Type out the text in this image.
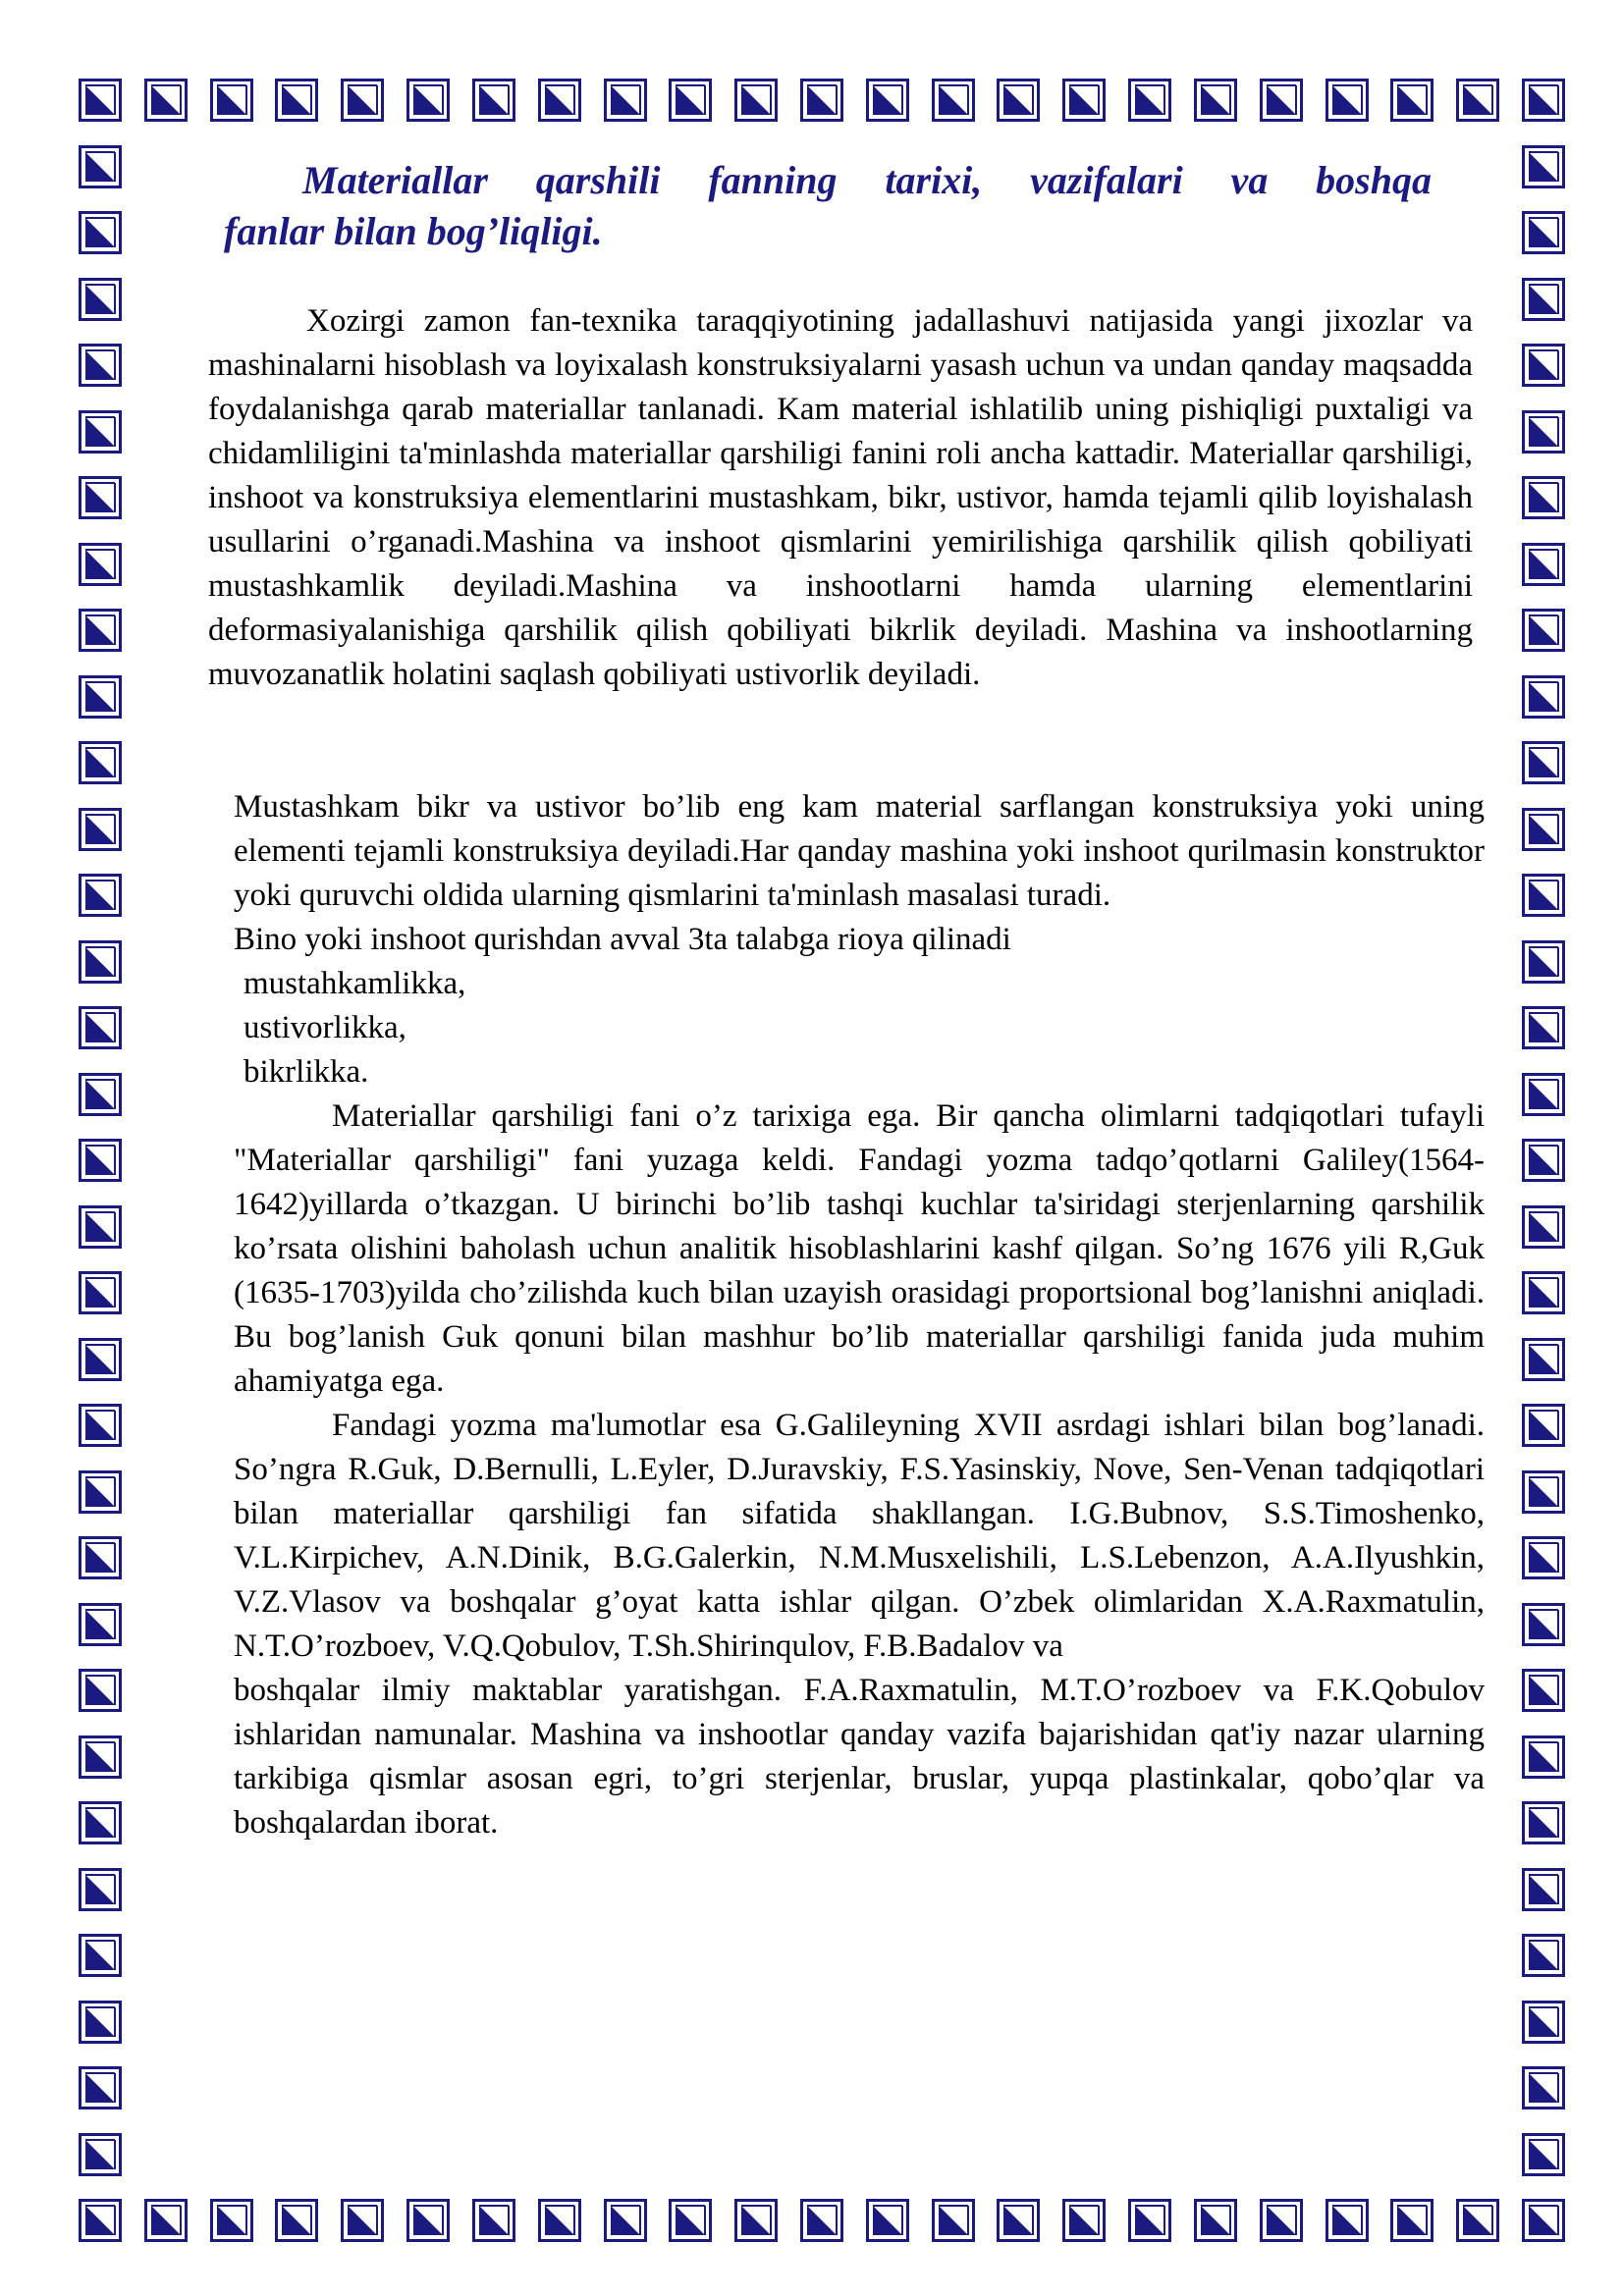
Materiallar qarshili fanning tarixi, vazifalari va boshqa
fanlar bilan bog’liqligi.

Xozirgi zamon fan-texnika taraqqiyotining jadallashuvi natijasida yangi jixozlar va mashinalarni hisoblash va loyixalash konstruksiyalarni yasash uchun va undan qanday maqsadda foydalanishga qarab materiallar tanlanadi. Kam material ishlatilib uning pishiqligi puxtaligi va chidamliligini ta'minlashda materiallar qarshiligi fanini roli ancha kattadir. Materiallar qarshiligi, inshoot va konstruksiya elementlarini mustashkam, bikr, ustivor, hamda tejamli qilib loyishalash usullarini o’rganadi.Mashina va inshoot qismlarini yemirilishiga qarshilik qilish qobiliyati mustashkamlik deyiladi.Mashina va inshootlarni hamda ularning elementlarini deformasiyalanishiga qarshilik qilish qobiliyati bikrlik deyiladi. Mashina va inshootlarning muvozanatlik holatini saqlash qobiliyati ustivorlik deyiladi.

Mustashkam bikr va ustivor bo’lib eng kam material sarflangan konstruksiya yoki uning elementi tejamli konstruksiya deyiladi.Har qanday mashina yoki inshoot qurilmasin konstruktor yoki quruvchi oldida ularning qismlarini ta'minlash masalasi turadi.

Bino yoki inshoot qurishdan avval 3ta talabga rioya qilinadi

mustahkamlikka,
ustivorlikka,
bikrlikka.

Materiallar qarshiligi fani o’z tarixiga ega. Bir qancha olimlarni tadqiqotlari tufayli "Materiallar qarshiligi" fani yuzaga keldi. Fandagi yozma tadqo’qotlarni Galiley(1564-1642)yillarda o’tkazgan. U birinchi bo’lib tashqi kuchlar ta'siridagi sterjenlarning qarshilik ko’rsata olishini baholash uchun analitik hisoblashlarini kashf qilgan. So’ng 1676 yili R,Guk (1635-1703)yilda cho’zilishda kuch bilan uzayish orasidagi proportsional bog’lanishni aniqladi. Bu bog’lanish Guk qonuni bilan mashhur bo’lib materiallar qarshiligi fanida juda muhim ahamiyatga ega.

Fandagi yozma ma'lumotlar esa G.Galileyning XVII asrdagi ishlari bilan bog’lanadi. So’ngra R.Guk, D.Bernulli, L.Eyler, D.Juravskiy, F.S.Yasinskiy, Nove, Sen-Venan tadqiqotlari bilan materiallar qarshiligi fan sifatida shakllangan. I.G.Bubnov, S.S.Timoshenko, V.L.Kirpichev, A.N.Dinik, B.G.Galerkin, N.M.Musxelishili, L.S.Lebenzon, A.A.Ilyushkin, V.Z.Vlasov va boshqalar g’oyat katta ishlar qilgan. O’zbek olimlaridan X.A.Raxmatulin, N.T.O’rozboev, V.Q.Qobulov, T.Sh.Shirinqulov, F.B.Badalov va

boshqalar ilmiy maktablar yaratishgan. F.A.Raxmatulin, M.T.O’rozboev va F.K.Qobulov ishlaridan namunalar. Mashina va inshootlar qanday vazifa bajarishidan qat'iy nazar ularning tarkibiga qismlar asosan egri, to’gri sterjenlar, bruslar, yupqa plastinkalar, qobo’qlar va boshqalardan iborat.
